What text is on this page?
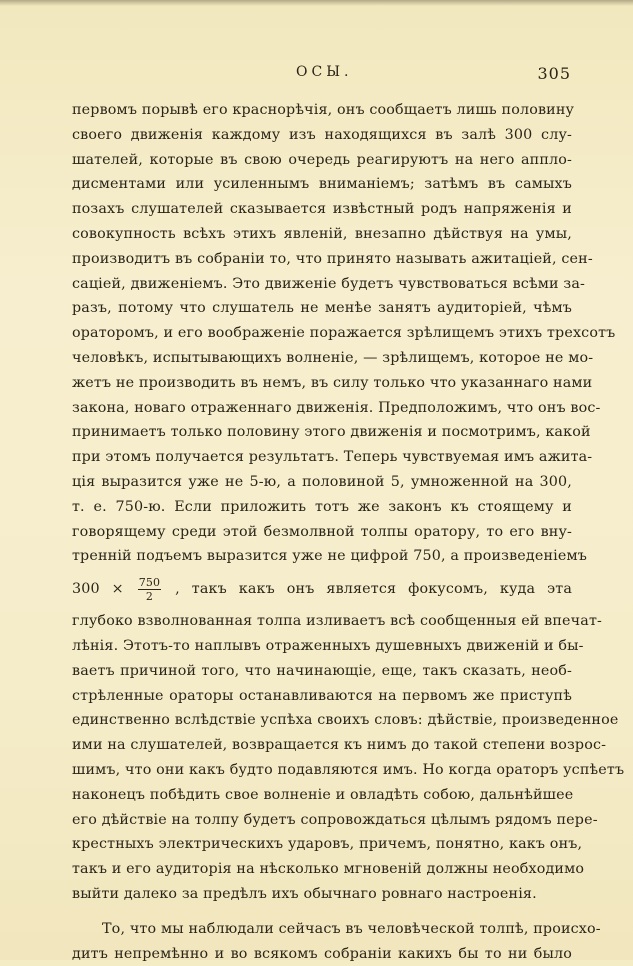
ОСЫ.	305
первомъ порывѣ его краснорѣчія, онъ сообщаетъ лишь половину
своего движенія каждому изъ находящихся въ залѣ 300 слу-
шателей, которые въ свою очередь реагируютъ на него апплo-
дисментами или усиленнымъ вниманіемъ; затѣмъ въ самыхъ
позахъ слушателей сказывается извѣстный родъ напряженія и
совокупность всѣхъ этихъ явленій, внезапно дѣйствуя на умы,
производитъ въ собраніи то, что принято называть ажитаціей, сен-
саціей, движеніемъ. Это движеніе будетъ чувствоваться всѣми за-
разъ, потому что слушатель не менѣе занятъ аудиторіей, чѣмъ
ораторомъ, и его воображеніе поражается зрѣлищемъ этихъ трехсотъ
человѣкъ, испытывающихъ волненіе, — зрѣлищемъ, которое не мо-
жетъ не производить въ немъ, въ силу только что указаннаго нами
закона, новаго отраженнаго движенія. Предположимъ, что онъ вос-
принимаетъ только половину этого движенія и посмотримъ, какой
при этомъ получается результатъ. Теперь чувствуемая имъ ажита-
ція выразится уже не 5-ю, а половиной 5, умноженной на 300,
т. е. 750-ю. Если приложить тотъ же законъ къ стоящему и
говорящему среди этой безмолвной толпы оратору, то его вну-
тренній подъемъ выразится уже не цифрой 750, а произведеніемъ
$300 \times \frac{750}{2}$ , такъ какъ онъ является фокусомъ, куда эта
глубоко взволнованная толпа изливаетъ всѣ сообщенныя ей впечат-
лѣнія. Этотъ-то наплывъ отраженныхъ душевныхъ движеній и бы-
ваетъ причиной того, что начинающіе, еще, такъ сказать, необ-
стрѣленные ораторы останавливаются на первомъ же приступѣ
единственно вслѣдствіе успѣха своихъ словъ: дѣйствіе, произведенное
ими на слушателей, возвращается къ нимъ до такой степени возрос-
шимъ, что они какъ будто подавляются имъ. Но когда ораторъ успѣетъ
наконецъ побѣдить свое волненіе и овладѣть собою, дальнѣйшее
его дѣйствіе на толпу будетъ сопровождаться цѣлымъ рядомъ пере-
крестныхъ электрическихъ ударовъ, причемъ, понятно, какъ онъ,
такъ и его аудиторія на нѣсколько мгновеній должны необходимо
выйти далеко за предѣлъ ихъ обычнаго ровнаго настроенія.
То, что мы наблюдали сейчасъ въ человѣческой толпѣ, происхо-
дитъ непремѣнно и во всякомъ собраніи какихъ бы то ни было
